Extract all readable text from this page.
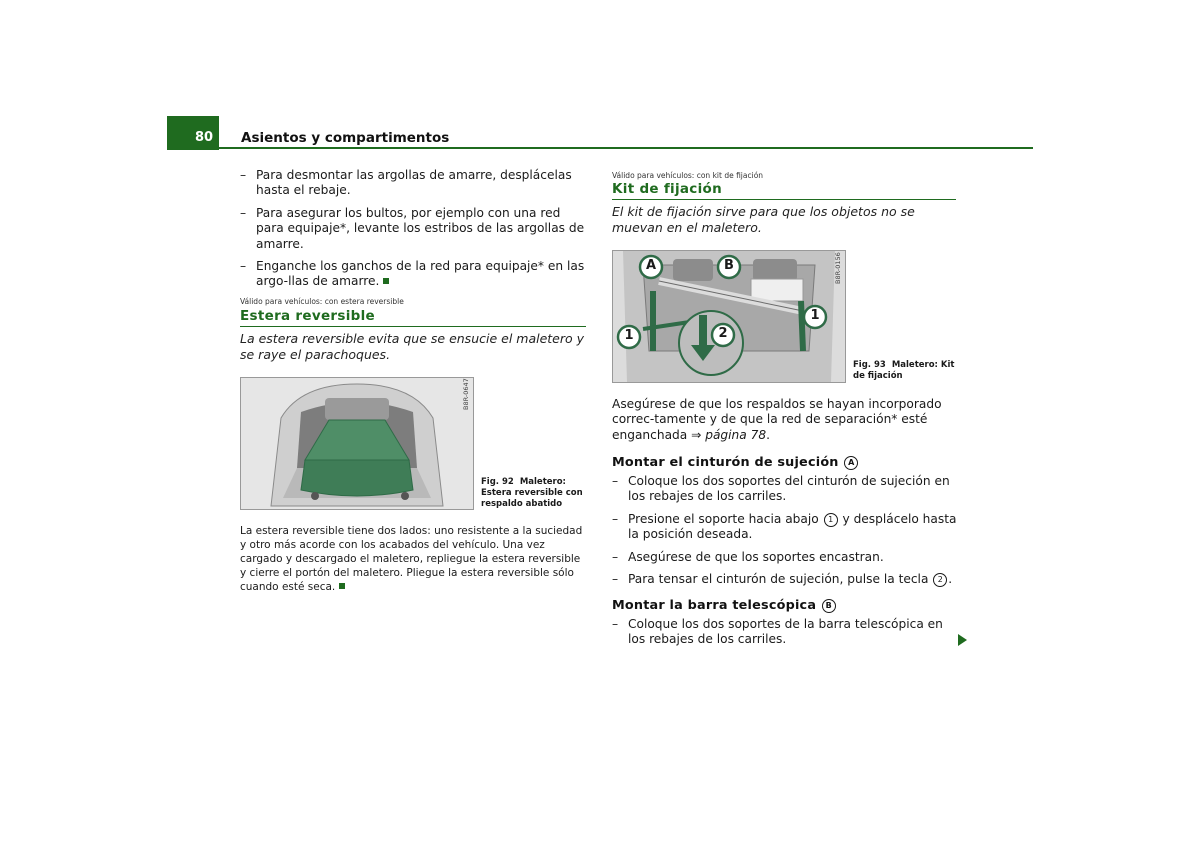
80	Asientos y compartimentos
– Para desmontar las argollas de amarre, desplácelas hasta el rebaje.
– Para asegurar los bultos, por ejemplo con una red para equipaje*, levante los estribos de las argollas de amarre.
– Enganche los ganchos de la red para equipaje* en las argo-llas de amarre.
Válido para vehículos: con estera reversible
Estera reversible
La estera reversible evita que se ensucie el maletero y se raye el parachoques.
B8R-0647
Fig. 92 Maletero: Estera reversible con respaldo abatido
La estera reversible tiene dos lados: uno resistente a la suciedad y otro más acorde con los acabados del vehículo. Una vez cargado y descargado el maletero, repliegue la estera reversible y cierre el portón del maletero. Pliegue la estera reversible sólo cuando esté seca.
Válido para vehículos: con kit de fijación
Kit de fijación
El kit de fijación sirve para que los objetos no se muevan en el maletero.
A	B
1	2
1
B8R-0156
Fig. 93 Maletero: Kit de fijación
Asegúrese de que los respaldos se hayan incorporado correc-tamente y de que la red de separación* esté enganchada ⇒ página 78.
Montar el cinturón de sujeción A
– Coloque los dos soportes del cinturón de sujeción en los rebajes de los carriles.
– Presione el soporte hacia abajo 1 y desplácelo hasta la posición deseada.
– Asegúrese de que los soportes encastran.
– Para tensar el cinturón de sujeción, pulse la tecla 2 .
Montar la barra telescópica B
– Coloque los dos soportes de la barra telescópica en los rebajes de los carriles.
